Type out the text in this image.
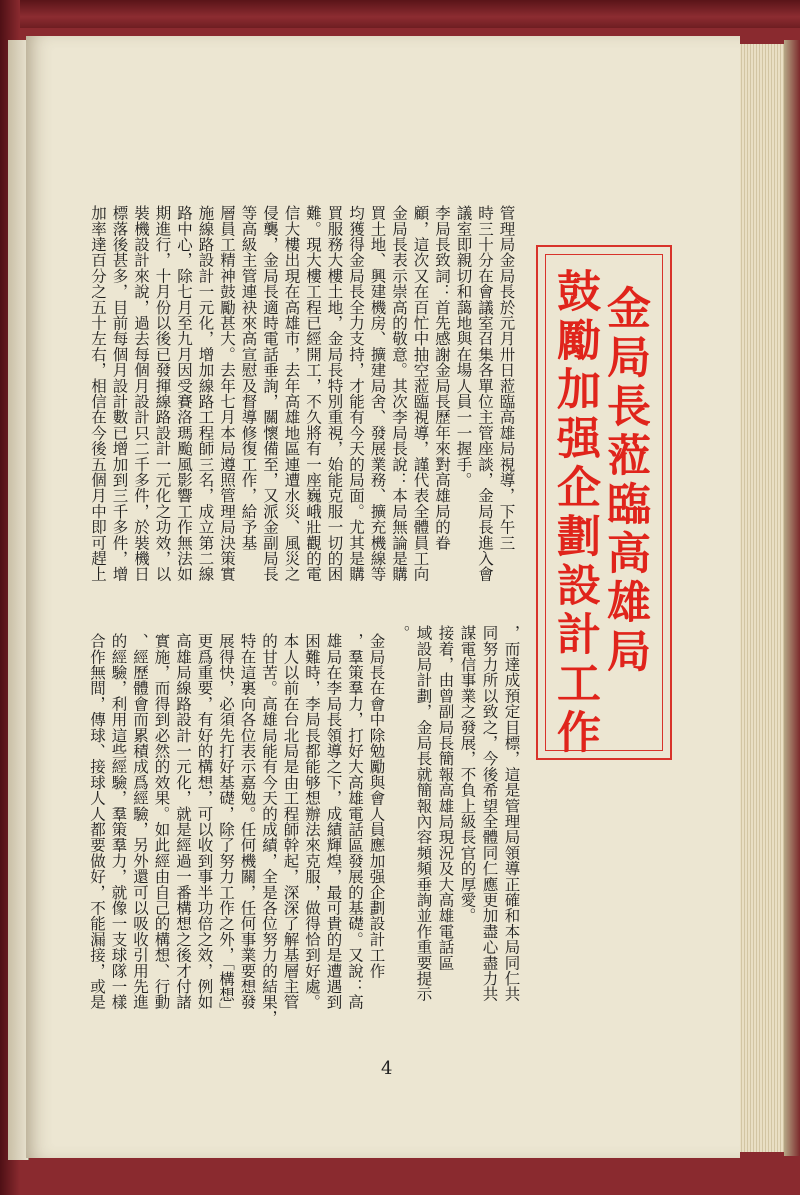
金局長蒞臨高雄局
鼓勵加强企劃設計工作
管理局金局長於元月卅日蒞臨高雄局視導，下午三
時三十分在會議室召集各單位主管座談，金局長進入會
議室即親切和藹地與在場人員一一握手。
李局長致詞：首先感謝金局長歷年來對高雄局的眷
顧，這次又在百忙中抽空蒞臨視導，謹代表全體員工向
金局長表示崇高的敬意。其次李局長說：本局無論是購
買土地、興建機房、擴建局舍、發展業務、擴充機線等
均獲得金局長全力支持，才能有今天的局面。尤其是購
買服務大樓土地，金局長特別重視，始能克服一切的困
難。現大樓工程已經開工，不久將有一座巍峨壯觀的電
信大樓出現在高雄市，去年高雄地區連遭水災、風災之
侵襲，金局長適時電話垂詢，關懷備至，又派金副局長
等高級主管連袂來高宣慰及督導修復工作，給予基
層員工精神鼓勵甚大。去年七月本局遵照管理局決策實
施線路設計一元化，增加線路工程師三名，成立第二線
路中心，除七月至九月因受賽洛瑪颱風影響工作無法如
期進行，十月份以後已發揮線路設計一元化之功效，以
裝機設計來說，過去每個月設計只二千多件，於裝機日
標落後甚多，目前每個月設計數已增加到三千多件，增
加率達百分之五十左右，相信在今後五個月中即可趕上
，而達成預定目標，這是管理局領導正確和本局同仁共
同努力所以致之，今後希望全體同仁應更加盡心盡力共
謀電信事業之發展，不負上級長官的厚愛。
接着，由曾副局長簡報高雄局現況及大高雄電話區
域設局計劃，金局長就簡報內容頻頻垂詢並作重要提示
。
金局長在會中除勉勵與會人員應加强企劃設計工作
，羣策羣力，打好大高雄電話區發展的基礎。又說：高
雄局在李局長領導之下，成績輝煌，最可貴的是遭遇到
困難時，李局長都能够想辦法來克服，做得恰到好處。
本人以前在台北局是由工程師幹起，深深了解基層主管
的甘苦。高雄局能有今天的成績，全是各位努力的結果，
特在這裏向各位表示嘉勉。任何機關，任何事業要想發
展得快，必須先打好基礎，除了努力工作之外，「構想」
更爲重要，有好的構想，可以收到事半功倍之效，例如
高雄局線路設計一元化，就是經過一番構想之後才付諸
實施，而得到必然的效果。如此經由自己的構想、行動
、經歷體會而累積成爲經驗，另外還可以吸收引用先進
的經驗，利用這些經驗，羣策羣力，就像一支球隊一樣
合作無間，傳球、接球人人都要做好，不能漏接，或是
4
